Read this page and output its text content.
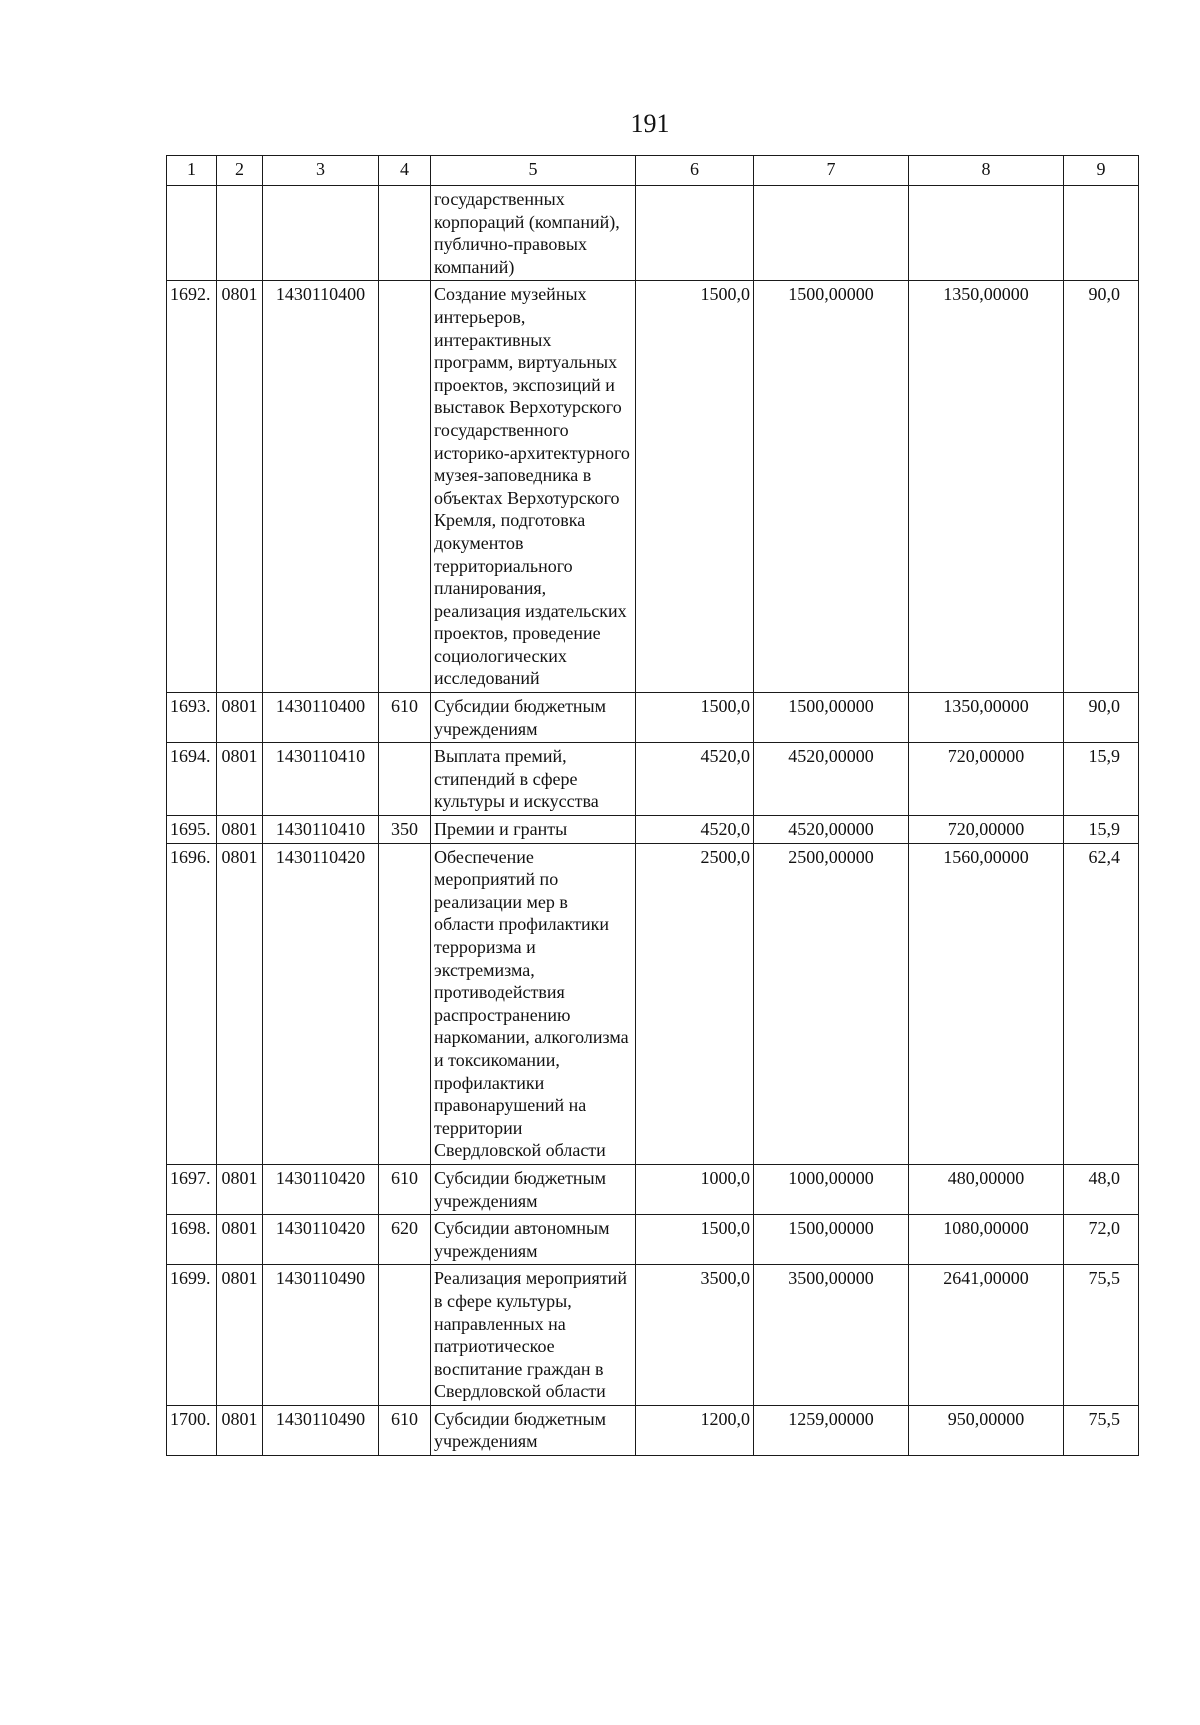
191
1	2	3	4	5	6	7	8	9
				государственных корпораций (компаний), публично-правовых компаний)				
1692.	0801	1430110400		Создание музейных интерьеров, интерактивных программ, виртуальных проектов, экспозиций и выставок Верхотурского государственного историко-архитектурного музея-заповедника в объектах Верхотурского Кремля, подготовка документов территориального планирования, реализация издательских проектов, проведение социологических исследований	1500,0	1500,00000	1350,00000	90,0
1693.	0801	1430110400	610	Субсидии бюджетным учреждениям	1500,0	1500,00000	1350,00000	90,0
1694.	0801	1430110410		Выплата премий, стипендий в сфере культуры и искусства	4520,0	4520,00000	720,00000	15,9
1695.	0801	1430110410	350	Премии и гранты	4520,0	4520,00000	720,00000	15,9
1696.	0801	1430110420		Обеспечение мероприятий по реализации мер в области профилактики терроризма и экстремизма, противодействия распространению наркомании, алкоголизма и токсикомании, профилактики правонарушений на территории Свердловской области	2500,0	2500,00000	1560,00000	62,4
1697.	0801	1430110420	610	Субсидии бюджетным учреждениям	1000,0	1000,00000	480,00000	48,0
1698.	0801	1430110420	620	Субсидии автономным учреждениям	1500,0	1500,00000	1080,00000	72,0
1699.	0801	1430110490		Реализация мероприятий в сфере культуры, направленных на патриотическое воспитание граждан в Свердловской области	3500,0	3500,00000	2641,00000	75,5
1700.	0801	1430110490	610	Субсидии бюджетным учреждениям	1200,0	1259,00000	950,00000	75,5
